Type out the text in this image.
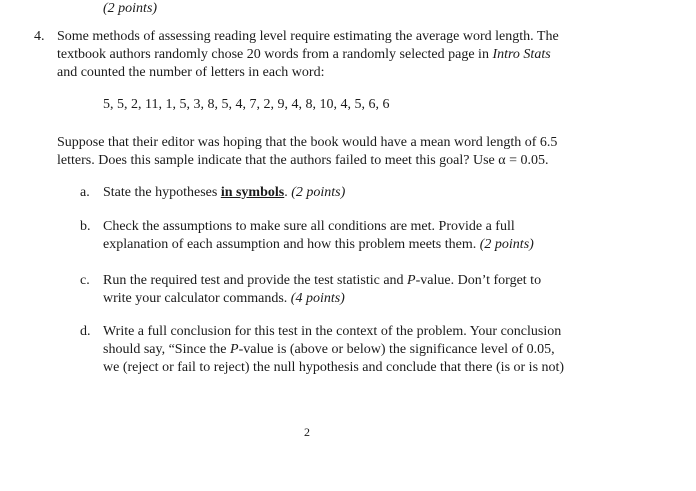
(2 points)
4. Some methods of assessing reading level require estimating the average word length. The
textbook authors randomly chose 20 words from a randomly selected page in Intro Stats
and counted the number of letters in each word:
5, 5, 2, 11, 1, 5, 3, 8, 5, 4, 7, 2, 9, 4, 8, 10, 4, 5, 6, 6
Suppose that their editor was hoping that the book would have a mean word length of 6.5
letters. Does this sample indicate that the authors failed to meet this goal? Use α = 0.05.
a. State the hypotheses in symbols. (2 points)
b. Check the assumptions to make sure all conditions are met. Provide a full
explanation of each assumption and how this problem meets them. (2 points)
c. Run the required test and provide the test statistic and P-value. Don’t forget to
write your calculator commands. (4 points)
d. Write a full conclusion for this test in the context of the problem. Your conclusion
should say, “Since the P-value is (above or below) the significance level of 0.05,
we (reject or fail to reject) the null hypothesis and conclude that there (is or is not)
2
